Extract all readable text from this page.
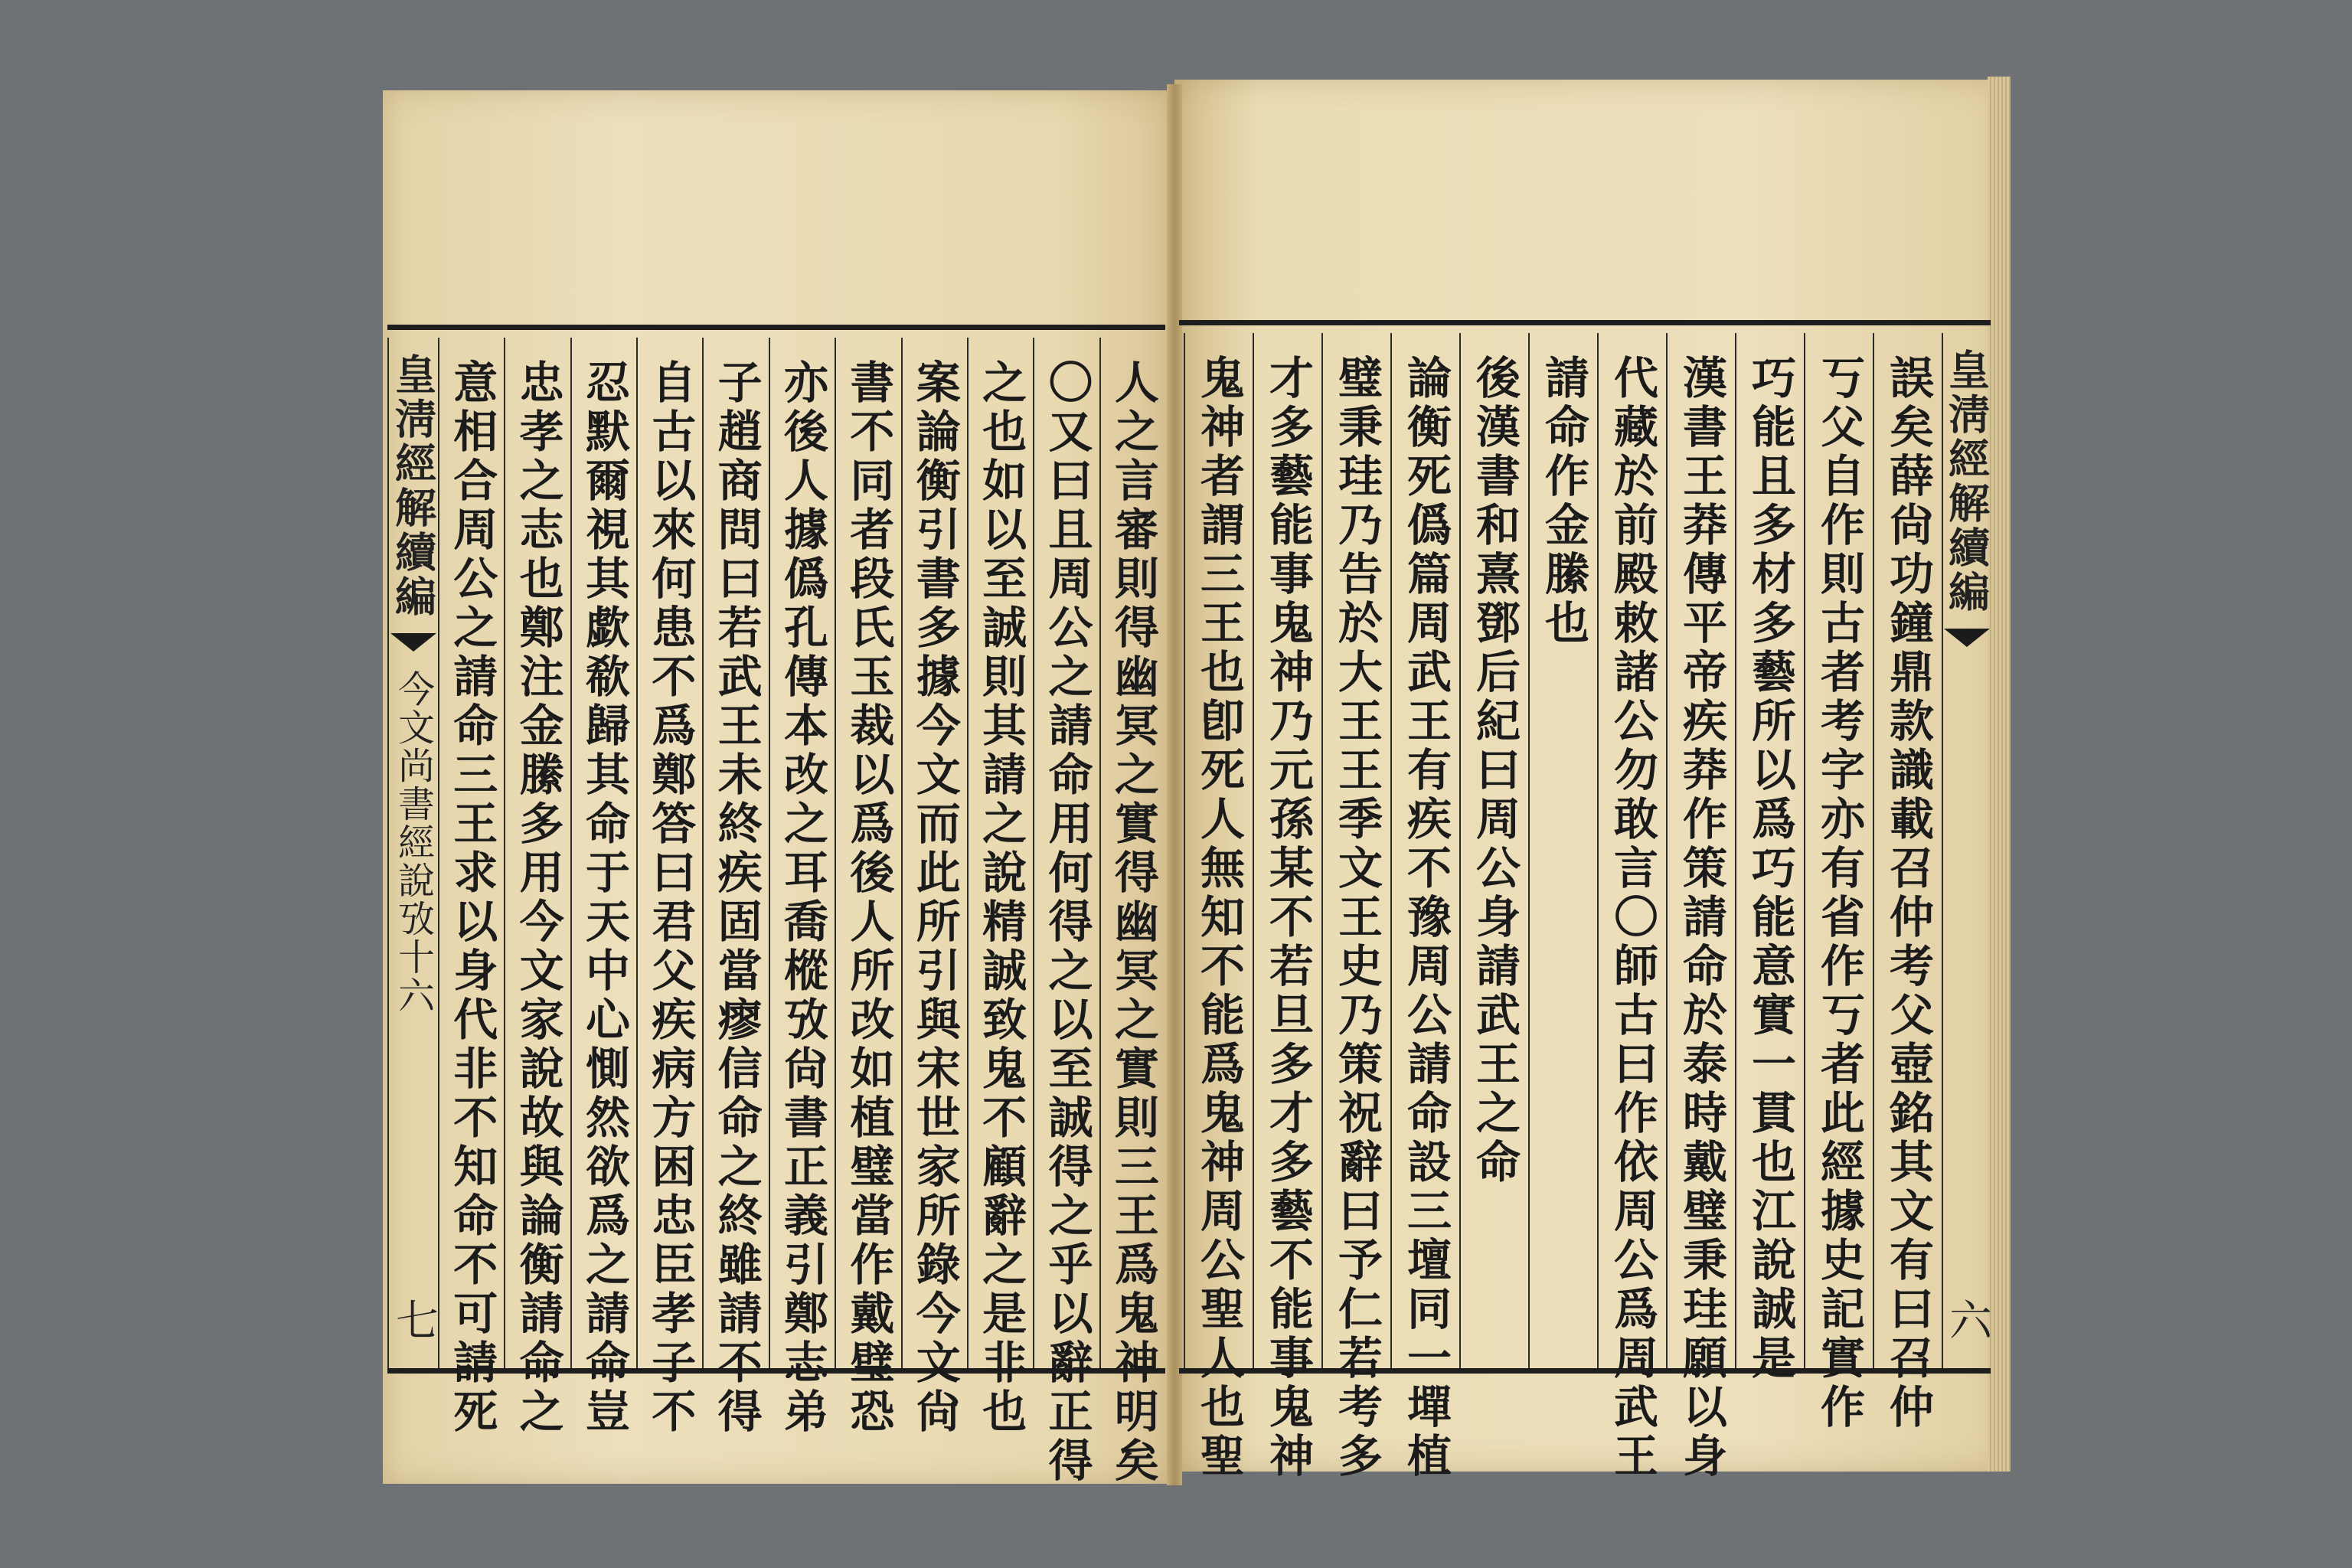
人之言審則得幽冥之實得幽冥之實則三王爲鬼神明矣
〇又曰且周公之請命用何得之以至誠得之乎以辭正得
之也如以至誠則其請之說精誠致鬼不顧辭之是非也
案論衡引書多據今文而此所引與宋世家所錄今文尙
書不同者段氏玉裁以爲後人所改如植璧當作戴璧恐
亦後人據僞孔傳本改之耳喬樅攷尙書正義引鄭志弟
子趙商問曰若武王未終疾固當瘳信命之終雖請不得
自古以來何患不爲鄭答曰君父疾病方困忠臣孝子不
忍默爾視其歔欷歸其命于天中心惻然欲爲之請命豈
忠孝之志也鄭注金縢多用今文家說故與論衡請命之
意相合周公之請命三王求以身代非不知命不可請死
皇淸經解續編
今文尚書經說攷十六
七
皇淸經解續編
六
誤矣薛尙功鐘鼎款識載召仲考父壺銘其文有曰召仲
丂父自作則古者考字亦有省作丂者此經據史記實作
巧能且多材多藝所以爲巧能意實一貫也江說誠是
漢書王莽傳平帝疾莽作策請命於泰時戴璧秉珪願以身
代藏於前殿敕諸公勿敢言〇師古曰作依周公爲周武王
請命作金縢也
後漢書和熹鄧后紀曰周公身請武王之命
論衡死僞篇周武王有疾不豫周公請命設三壇同一墠植
璧秉珪乃告於大王王季文王史乃策祝辭曰予仁若考多
才多藝能事鬼神乃元孫某不若旦多才多藝不能事鬼神
鬼神者謂三王也卽死人無知不能爲鬼神周公聖人也聖
